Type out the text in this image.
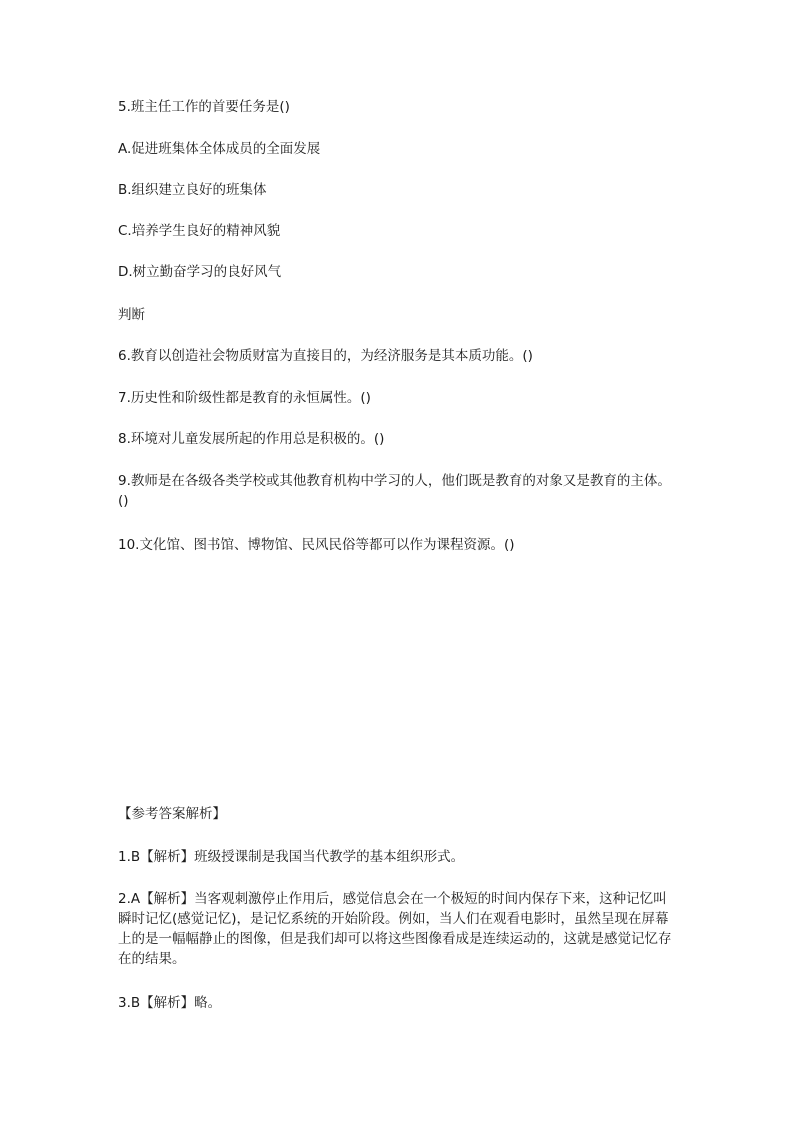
5.班主任工作的首要任务是()
A.促进班集体全体成员的全面发展
B.组织建立良好的班集体
C.培养学生良好的精神风貌
D.树立勤奋学习的良好风气
判断
6.教育以创造社会物质财富为直接目的，为经济服务是其本质功能。()
7.历史性和阶级性都是教育的永恒属性。()
8.环境对儿童发展所起的作用总是积极的。()
9.教师是在各级各类学校或其他教育机构中学习的人，他们既是教育的对象又是教育的主体。()
10.文化馆、图书馆、博物馆、民风民俗等都可以作为课程资源。()
【参考答案解析】
1.B【解析】班级授课制是我国当代教学的基本组织形式。
2.A【解析】当客观刺激停止作用后，感觉信息会在一个极短的时间内保存下来，这种记忆叫瞬时记忆(感觉记忆)，是记忆系统的开始阶段。例如，当人们在观看电影时，虽然呈现在屏幕上的是一幅幅静止的图像，但是我们却可以将这些图像看成是连续运动的，这就是感觉记忆存在的结果。
3.B【解析】略。
